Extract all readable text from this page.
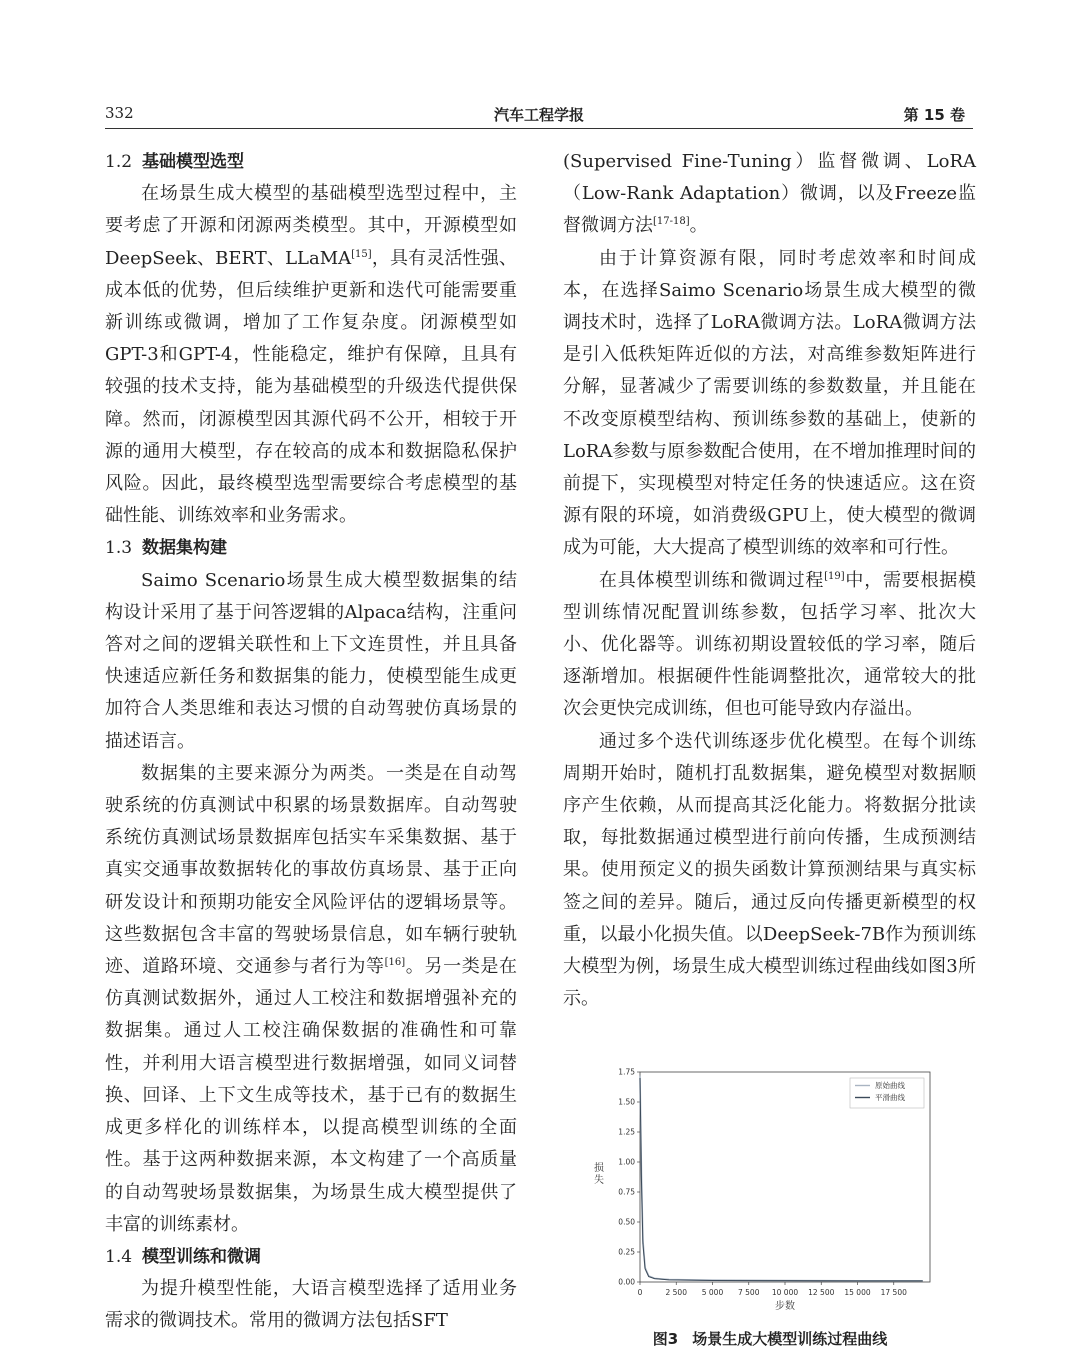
332	汽车工程学报	第 15 卷
1.2 基础模型选型

在场景生成大模型的基础模型选型过程中，主要考虑了开源和闭源两类模型。其中，开源模型如DeepSeek、BERT、LLaMA[15]，具有灵活性强、成本低的优势，但后续维护更新和迭代可能需要重新训练或微调，增加了工作复杂度。闭源模型如GPT-3和GPT-4，性能稳定，维护有保障，且具有较强的技术支持，能为基础模型的升级迭代提供保障。然而，闭源模型因其源代码不公开，相较于开源的通用大模型，存在较高的成本和数据隐私保护风险。因此，最终模型选型需要综合考虑模型的基础性能、训练效率和业务需求。

1.3 数据集构建

Saimo Scenario场景生成大模型数据集的结构设计采用了基于问答逻辑的Alpaca结构，注重问答对之间的逻辑关联性和上下文连贯性，并且具备快速适应新任务和数据集的能力，使模型能生成更加符合人类思维和表达习惯的自动驾驶仿真场景的描述语言。

数据集的主要来源分为两类。一类是在自动驾驶系统的仿真测试中积累的场景数据库。自动驾驶系统仿真测试场景数据库包括实车采集数据、基于真实交通事故数据转化的事故仿真场景、基于正向研发设计和预期功能安全风险评估的逻辑场景等。这些数据包含丰富的驾驶场景信息，如车辆行驶轨迹、道路环境、交通参与者行为等[16]。另一类是在仿真测试数据外，通过人工校注和数据增强补充的数据集。通过人工校注确保数据的准确性和可靠性，并利用大语言模型进行数据增强，如同义词替换、回译、上下文生成等技术，基于已有的数据生成更多样化的训练样本，以提高模型训练的全面性。基于这两种数据来源，本文构建了一个高质量的自动驾驶场景数据集，为场景生成大模型提供了丰富的训练素材。

1.4 模型训练和微调

为提升模型性能，大语言模型选择了适用业务需求的微调技术。常用的微调方法包括SFT

(Supervised Fine-Tuning）监督微调、LoRA（Low-Rank Adaptation）微调，以及Freeze监督微调方法[17-18]。

由于计算资源有限，同时考虑效率和时间成本，在选择Saimo Scenario场景生成大模型的微调技术时，选择了LoRA微调方法。LoRA微调方法是引入低秩矩阵近似的方法，对高维参数矩阵进行分解，显著减少了需要训练的参数数量，并且能在不改变原模型结构、预训练参数的基础上，使新的LoRA参数与原参数配合使用，在不增加推理时间的前提下，实现模型对特定任务的快速适应。这在资源有限的环境，如消费级GPU上，使大模型的微调成为可能，大大提高了模型训练的效率和可行性。

在具体模型训练和微调过程[19]中，需要根据模型训练情况配置训练参数，包括学习率、批次大小、优化器等。训练初期设置较低的学习率，随后逐渐增加。根据硬件性能调整批次，通常较大的批次会更快完成训练，但也可能导致内存溢出。

通过多个迭代训练逐步优化模型。在每个训练周期开始时，随机打乱数据集，避免模型对数据顺序产生依赖，从而提高其泛化能力。将数据分批读取，每批数据通过模型进行前向传播，生成预测结果。使用预定义的损失函数计算预测结果与真实标签之间的差异。随后，通过反向传播更新模型的权重，以最小化损失值。以DeepSeek-7B作为预训练大模型为例，场景生成大模型训练过程曲线如图3所示。

0.00
0.25
0.50
0.75
1.00
1.25
1.50
1.75
0	2 500 5 000 7 500 10 000 12 500 15 000 17 500
步数
损失
原始曲线
平滑曲线
图3 场景生成大模型训练过程曲线
